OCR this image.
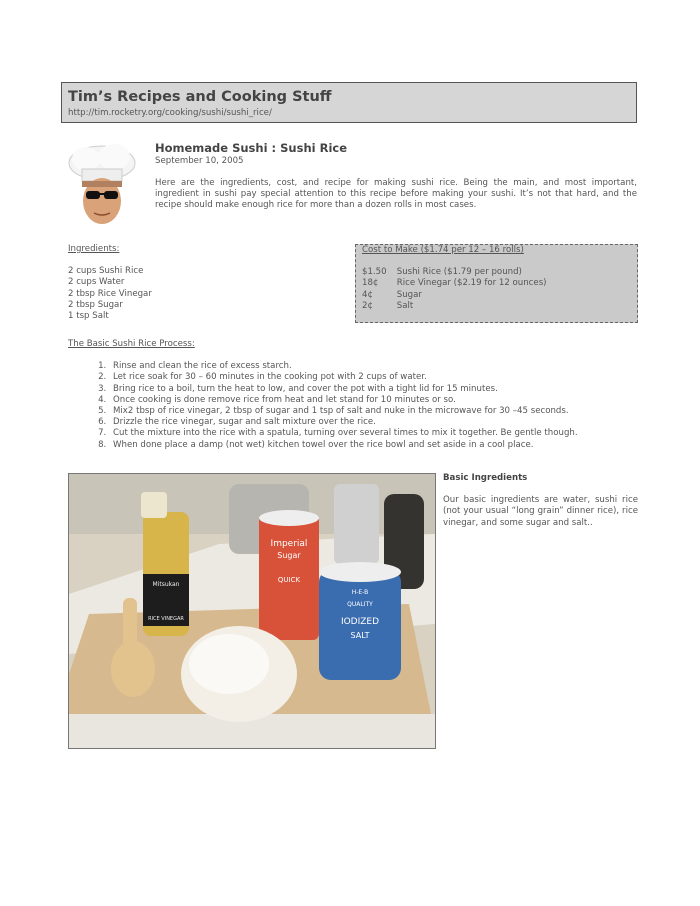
Tim’s Recipes and Cooking Stuff
http://tim.rocketry.org/cooking/sushi/sushi_rice/
Homemade Sushi : Sushi Rice
September 10, 2005

Here are the ingredients, cost, and recipe for making sushi rice. Being the main, and most important, ingredient in sushi pay special attention to this recipe before making your sushi. It’s not that hard, and the recipe should make enough rice for more than a dozen rolls in most cases.

Ingredients:
2 cups Sushi Rice
2 cups Water
2 tbsp Rice Vinegar
2 tbsp Sugar
1 tsp Salt
Cost to Make ($1.74 per 12 – 16 rolls)
$1.50 Sushi Rice ($1.79 per pound)
18¢ Rice Vinegar ($2.19 for 12 ounces)
4¢	Sugar
2¢	Salt
The Basic Sushi Rice Process:
1. Rinse and clean the rice of excess starch.
2. Let rice soak for 30 – 60 minutes in the cooking pot with 2 cups of water.
3. Bring rice to a boil, turn the heat to low, and cover the pot with a tight lid for 15 minutes.
4. Once cooking is done remove rice from heat and let stand for 10 minutes or so.
5. Mix2 tbsp of rice vinegar, 2 tbsp of sugar and 1 tsp of salt and nuke in the microwave for 30 –45 seconds.
6. Drizzle the rice vinegar, sugar and salt mixture over the rice.
7. Cut the mixture into the rice with a spatula, turning over several times to mix it together. Be gentle though.
8. When done place a damp (not wet) kitchen towel over the rice bowl and set aside in a cool place.
Mitsukan
RICE VINEGAR
Imperial
Sugar
QUICK
H-E-B
QUALITY
IODIZED
SALT
Basic Ingredients

Our basic ingredients are water, sushi rice (not your usual “long grain” dinner rice), rice vinegar, and some sugar and salt..
